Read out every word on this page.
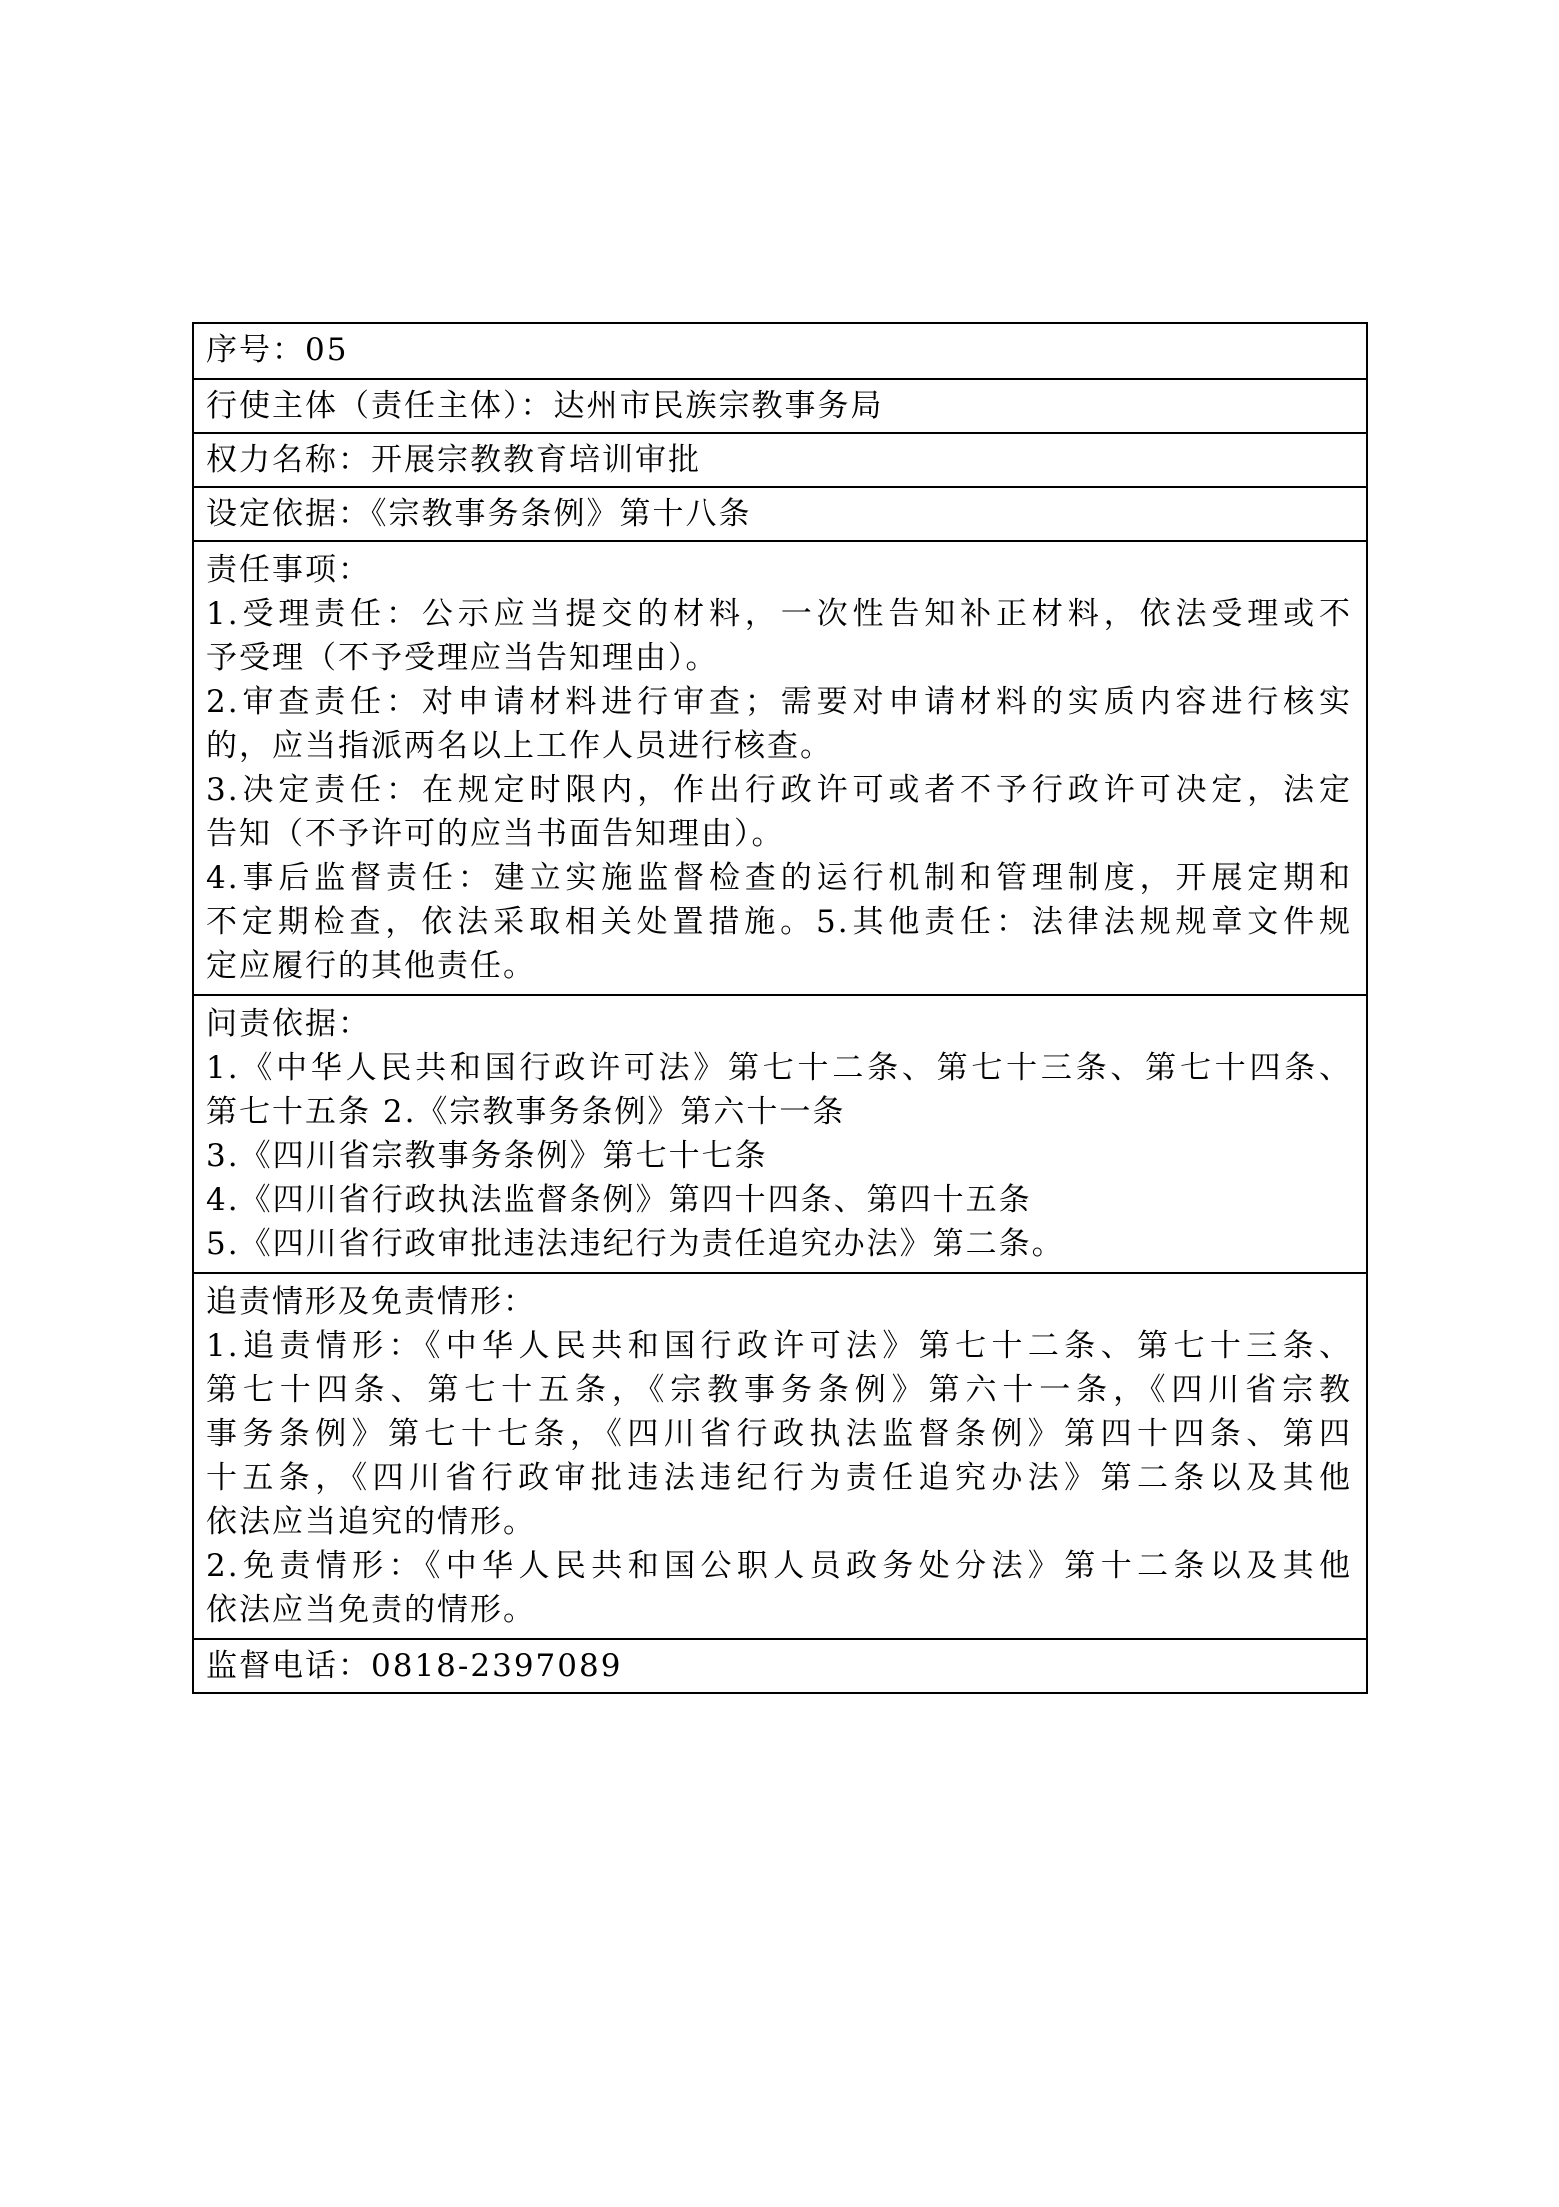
序号：05
行使主体（责任主体）：达州市民族宗教事务局
权力名称：开展宗教教育培训审批
设定依据：《宗教事务条例》第十八条
责任事项：
1.受理责任：公示应当提交的材料，一次性告知补正材料，依法受理或不
予受理（不予受理应当告知理由）。
2.审查责任：对申请材料进行审查；需要对申请材料的实质内容进行核实
的，应当指派两名以上工作人员进行核查。
3.决定责任：在规定时限内，作出行政许可或者不予行政许可决定，法定
告知（不予许可的应当书面告知理由）。
4.事后监督责任：建立实施监督检查的运行机制和管理制度，开展定期和
不定期检查，依法采取相关处置措施。5.其他责任：法律法规规章文件规
定应履行的其他责任。
问责依据：
1.《中华人民共和国行政许可法》第七十二条、第七十三条、第七十四条、
第七十五条 2.《宗教事务条例》第六十一条
3.《四川省宗教事务条例》第七十七条
4.《四川省行政执法监督条例》第四十四条、第四十五条
5.《四川省行政审批违法违纪行为责任追究办法》第二条。
追责情形及免责情形：
1.追责情形：《中华人民共和国行政许可法》第七十二条、第七十三条、
第七十四条、第七十五条，《宗教事务条例》第六十一条，《四川省宗教
事务条例》第七十七条，《四川省行政执法监督条例》第四十四条、第四
十五条，《四川省行政审批违法违纪行为责任追究办法》第二条以及其他
依法应当追究的情形。
2.免责情形：《中华人民共和国公职人员政务处分法》第十二条以及其他
依法应当免责的情形。
监督电话：0818-2397089
